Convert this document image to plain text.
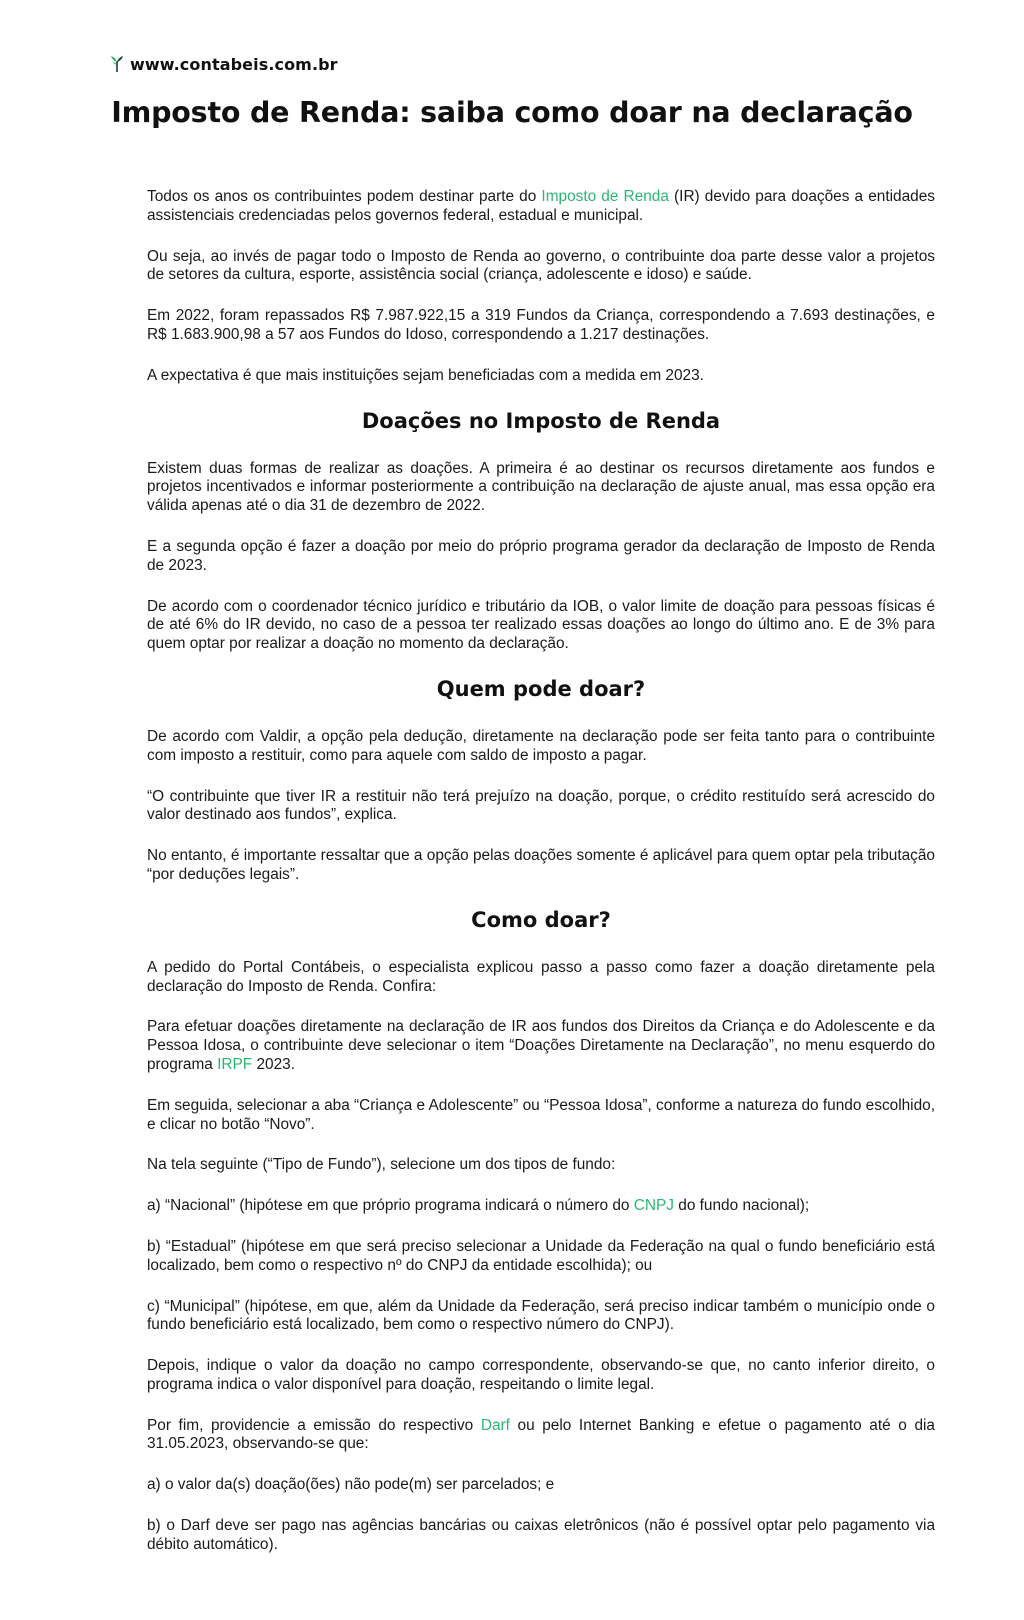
www.contabeis.com.br
Imposto de Renda: saiba como doar na declaração

Todos os anos os contribuintes podem destinar parte do Imposto de Renda (IR) devido para doações a entidades assistenciais credenciadas pelos governos federal, estadual e municipal.

Ou seja, ao invés de pagar todo o Imposto de Renda ao governo, o contribuinte doa parte desse valor a projetos de setores da cultura, esporte, assistência social (criança, adolescente e idoso) e saúde.

Em 2022, foram repassados R$ 7.987.922,15 a 319 Fundos da Criança, correspondendo a 7.693 destinações, e R$ 1.683.900,98 a 57 aos Fundos do Idoso, correspondendo a 1.217 destinações.

A expectativa é que mais instituições sejam beneficiadas com a medida em 2023.

Doações no Imposto de Renda

Existem duas formas de realizar as doações. A primeira é ao destinar os recursos diretamente aos fundos e projetos incentivados e informar posteriormente a contribuição na declaração de ajuste anual, mas essa opção era válida apenas até o dia 31 de dezembro de 2022.

E a segunda opção é fazer a doação por meio do próprio programa gerador da declaração de Imposto de Renda de 2023.

De acordo com o coordenador técnico jurídico e tributário da IOB, o valor limite de doação para pessoas físicas é de até 6% do IR devido, no caso de a pessoa ter realizado essas doações ao longo do último ano. E de 3% para quem optar por realizar a doação no momento da declaração.

Quem pode doar?

De acordo com Valdir, a opção pela dedução, diretamente na declaração pode ser feita tanto para o contribuinte com imposto a restituir, como para aquele com saldo de imposto a pagar.

“O contribuinte que tiver IR a restituir não terá prejuízo na doação, porque, o crédito restituído será acrescido do valor destinado aos fundos”, explica.

No entanto, é importante ressaltar que a opção pelas doações somente é aplicável para quem optar pela tributação “por deduções legais”.

Como doar?

A pedido do Portal Contábeis, o especialista explicou passo a passo como fazer a doação diretamente pela declaração do Imposto de Renda. Confira:

Para efetuar doações diretamente na declaração de IR aos fundos dos Direitos da Criança e do Adolescente e da Pessoa Idosa, o contribuinte deve selecionar o item “Doações Diretamente na Declaração”, no menu esquerdo do programa IRPF 2023.

Em seguida, selecionar a aba “Criança e Adolescente” ou “Pessoa Idosa”, conforme a natureza do fundo escolhido, e clicar no botão “Novo”.

Na tela seguinte (“Tipo de Fundo”), selecione um dos tipos de fundo:

a) “Nacional” (hipótese em que próprio programa indicará o número do CNPJ do fundo nacional);

b) “Estadual” (hipótese em que será preciso selecionar a Unidade da Federação na qual o fundo beneficiário está localizado, bem como o respectivo nº do CNPJ da entidade escolhida); ou

c) “Municipal” (hipótese, em que, além da Unidade da Federação, será preciso indicar também o município onde o fundo beneficiário está localizado, bem como o respectivo número do CNPJ).

Depois, indique o valor da doação no campo correspondente, observando-se que, no canto inferior direito, o programa indica o valor disponível para doação, respeitando o limite legal.

Por fim, providencie a emissão do respectivo Darf ou pelo Internet Banking e efetue o pagamento até o dia 31.05.2023, observando-se que:

a) o valor da(s) doação(ões) não pode(m) ser parcelados; e

b) o Darf deve ser pago nas agências bancárias ou caixas eletrônicos (não é possível optar pelo pagamento via débito automático).
